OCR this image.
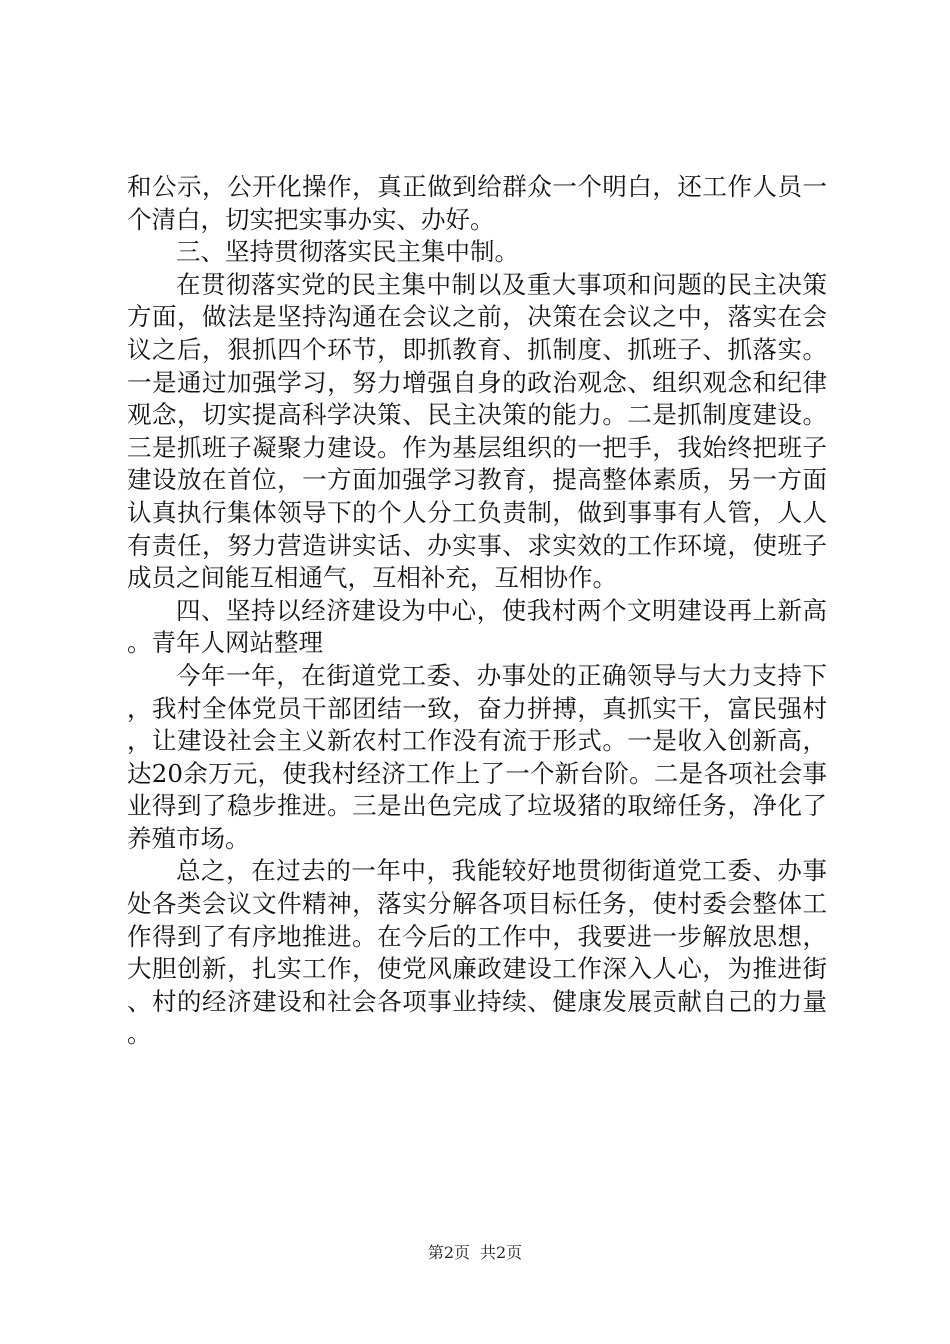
和公示，公开化操作，真正做到给群众一个明白，还工作人员一个清白，切实把实事办实、办好。

三、坚持贯彻落实民主集中制。

在贯彻落实党的民主集中制以及重大事项和问题的民主决策方面，做法是坚持沟通在会议之前，决策在会议之中，落实在会议之后，狠抓四个环节，即抓教育、抓制度、抓班子、抓落实。一是通过加强学习，努力增强自身的政治观念、组织观念和纪律观念，切实提高科学决策、民主决策的能力。二是抓制度建设。三是抓班子凝聚力建设。作为基层组织的一把手，我始终把班子建设放在首位，一方面加强学习教育，提高整体素质，另一方面认真执行集体领导下的个人分工负责制，做到事事有人管，人人有责任，努力营造讲实话、办实事、求实效的工作环境，使班子成员之间能互相通气，互相补充，互相协作。

四、坚持以经济建设为中心，使我村两个文明建设再上新高。青年人网站整理

今年一年，在街道党工委、办事处的正确领导与大力支持下，我村全体党员干部团结一致，奋力拼搏，真抓实干，富民强村，让建设社会主义新农村工作没有流于形式。一是收入创新高，达20余万元，使我村经济工作上了一个新台阶。二是各项社会事业得到了稳步推进。三是出色完成了垃圾猪的取缔任务，净化了养殖市场。

总之，在过去的一年中，我能较好地贯彻街道党工委、办事处各类会议文件精神，落实分解各项目标任务，使村委会整体工作得到了有序地推进。在今后的工作中，我要进一步解放思想，大胆创新，扎实工作，使党风廉政建设工作深入人心，为推进街、村的经济建设和社会各项事业持续、健康发展贡献自己的力量。

第2页 共2页
